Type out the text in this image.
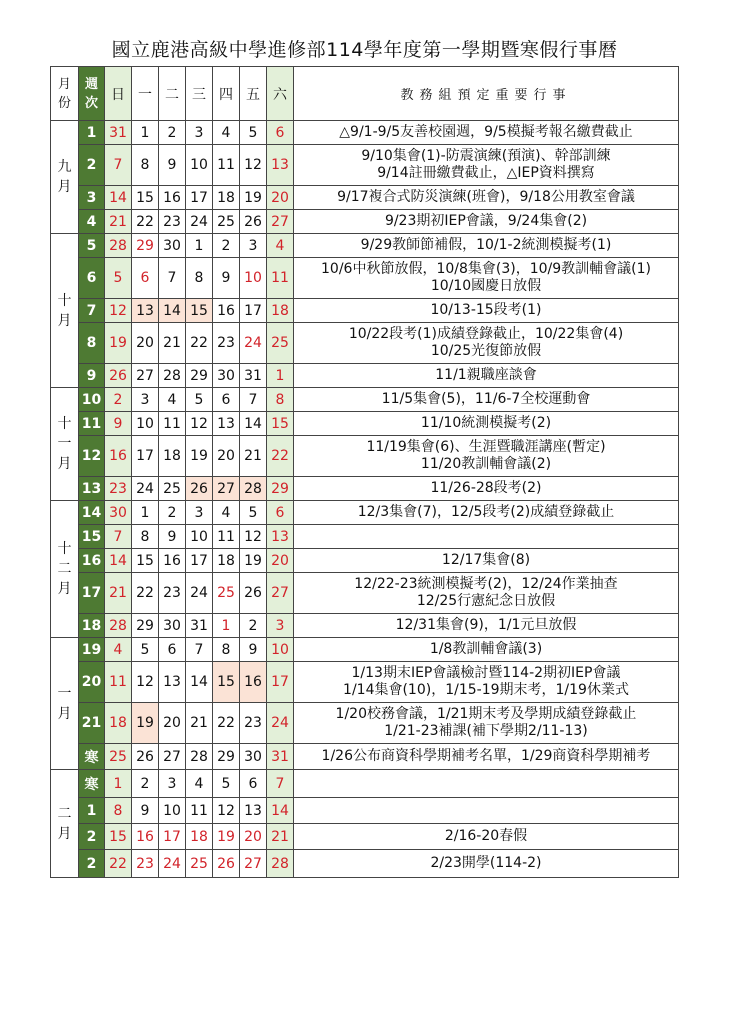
國立鹿港高級中學進修部114學年度第一學期暨寒假行事曆
月
份	週
次	日	一	二	三	四	五	六	教務組預定重要行事

九
月	1	31	1	2	3	4	5	6	△9/1-9/5友善校園週，9/5模擬考報名繳費截止

	2	7	8	9	10	11	12	13	9/10集會(1)-防震演練(預演)、幹部訓練
9/14註冊繳費截止，△IEP資料撰寫

	3	14	15	16	17	18	19	20	9/17複合式防災演練(班會)，9/18公用教室會議

	4	21	22	23	24	25	26	27	9/23期初IEP會議，9/24集會(2)

十
月	5	28	29	30	1	2	3	4	9/29教師節補假，10/1-2統測模擬考(1)

	6	5	6	7	8	9	10	11	10/6中秋節放假，10/8集會(3)，10/9教訓輔會議(1)
10/10國慶日放假

	7	12	13	14	15	16	17	18	10/13-15段考(1)

	8	19	20	21	22	23	24	25	10/22段考(1)成績登錄截止，10/22集會(4)
10/25光復節放假

	9	26	27	28	29	30	31	1	11/1親職座談會

十
一
月	10	2	3	4	5	6	7	8	11/5集會(5)，11/6-7全校運動會

	11	9	10	11	12	13	14	15	11/10統測模擬考(2)

	12	16	17	18	19	20	21	22	11/19集會(6)、生涯暨職涯講座(暫定)
11/20教訓輔會議(2)

	13	23	24	25	26	27	28	29	11/26-28段考(2)

十
二
月	14	30	1	2	3	4	5	6	12/3集會(7)，12/5段考(2)成績登錄截止

	15	7	8	9	10	11	12	13	

	16	14	15	16	17	18	19	20	12/17集會(8)

	17	21	22	23	24	25	26	27	12/22-23統測模擬考(2)，12/24作業抽查
12/25行憲紀念日放假

	18	28	29	30	31	1	2	3	12/31集會(9)，1/1元旦放假

一
月	19	4	5	6	7	8	9	10	1/8教訓輔會議(3)

	20	11	12	13	14	15	16	17	1/13期末IEP會議檢討暨114-2期初IEP會議
1/14集會(10)，1/15-19期末考，1/19休業式

	21	18	19	20	21	22	23	24	1/20校務會議，1/21期末考及學期成績登錄截止
1/21-23補課(補下學期2/11-13)

	寒	25	26	27	28	29	30	31	1/26公布商資科學期補考名單，1/29商資科學期補考

二
月	寒	1	2	3	4	5	6	7	

	1	8	9	10	11	12	13	14	

	2	15	16	17	18	19	20	21	2/16-20春假

	2	22	23	24	25	26	27	28	2/23開學(114-2)
